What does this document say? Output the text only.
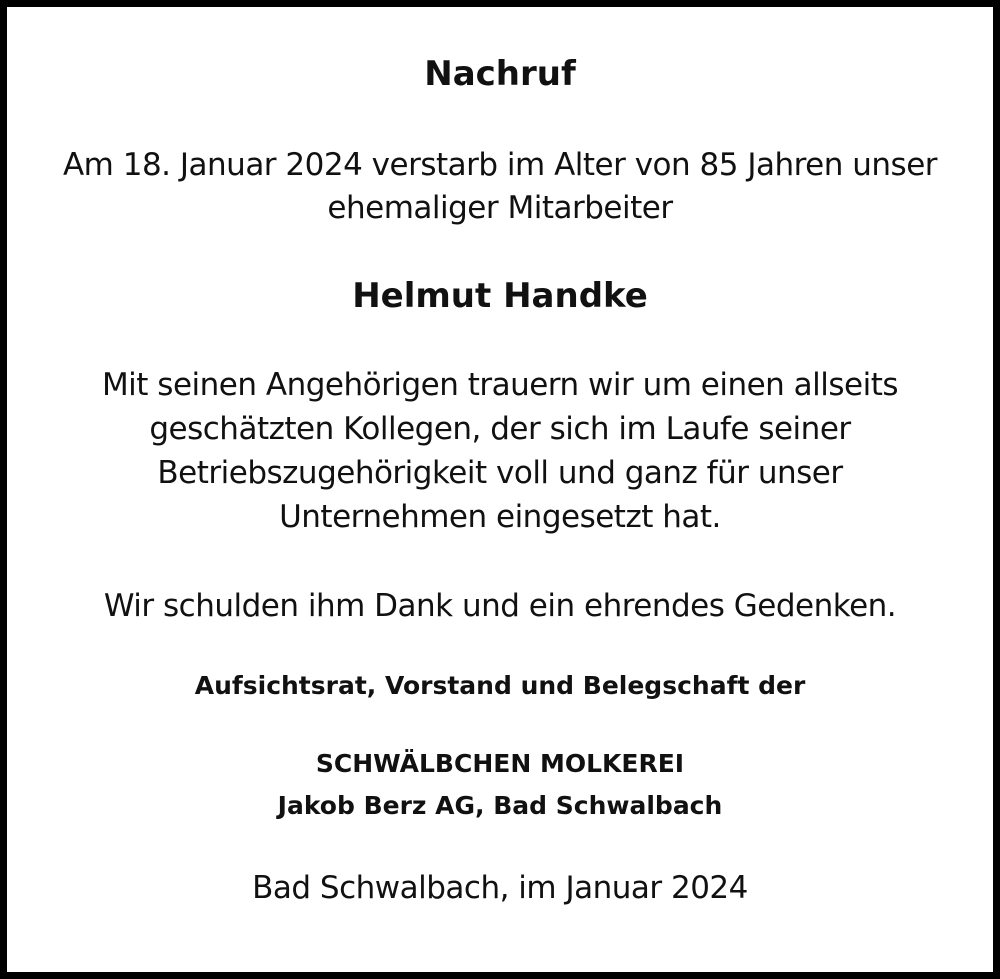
Nachruf
Am 18. Januar 2024 verstarb im Alter von 85 Jahren unser
ehemaliger Mitarbeiter
Helmut Handke
Mit seinen Angehörigen trauern wir um einen allseits
geschätzten Kollegen, der sich im Laufe seiner
Betriebszugehörigkeit voll und ganz für unser
Unternehmen eingesetzt hat.
Wir schulden ihm Dank und ein ehrendes Gedenken.
Aufsichtsrat, Vorstand und Belegschaft der
SCHWÄLBCHEN MOLKEREI
Jakob Berz AG, Bad Schwalbach
Bad Schwalbach, im Januar 2024
